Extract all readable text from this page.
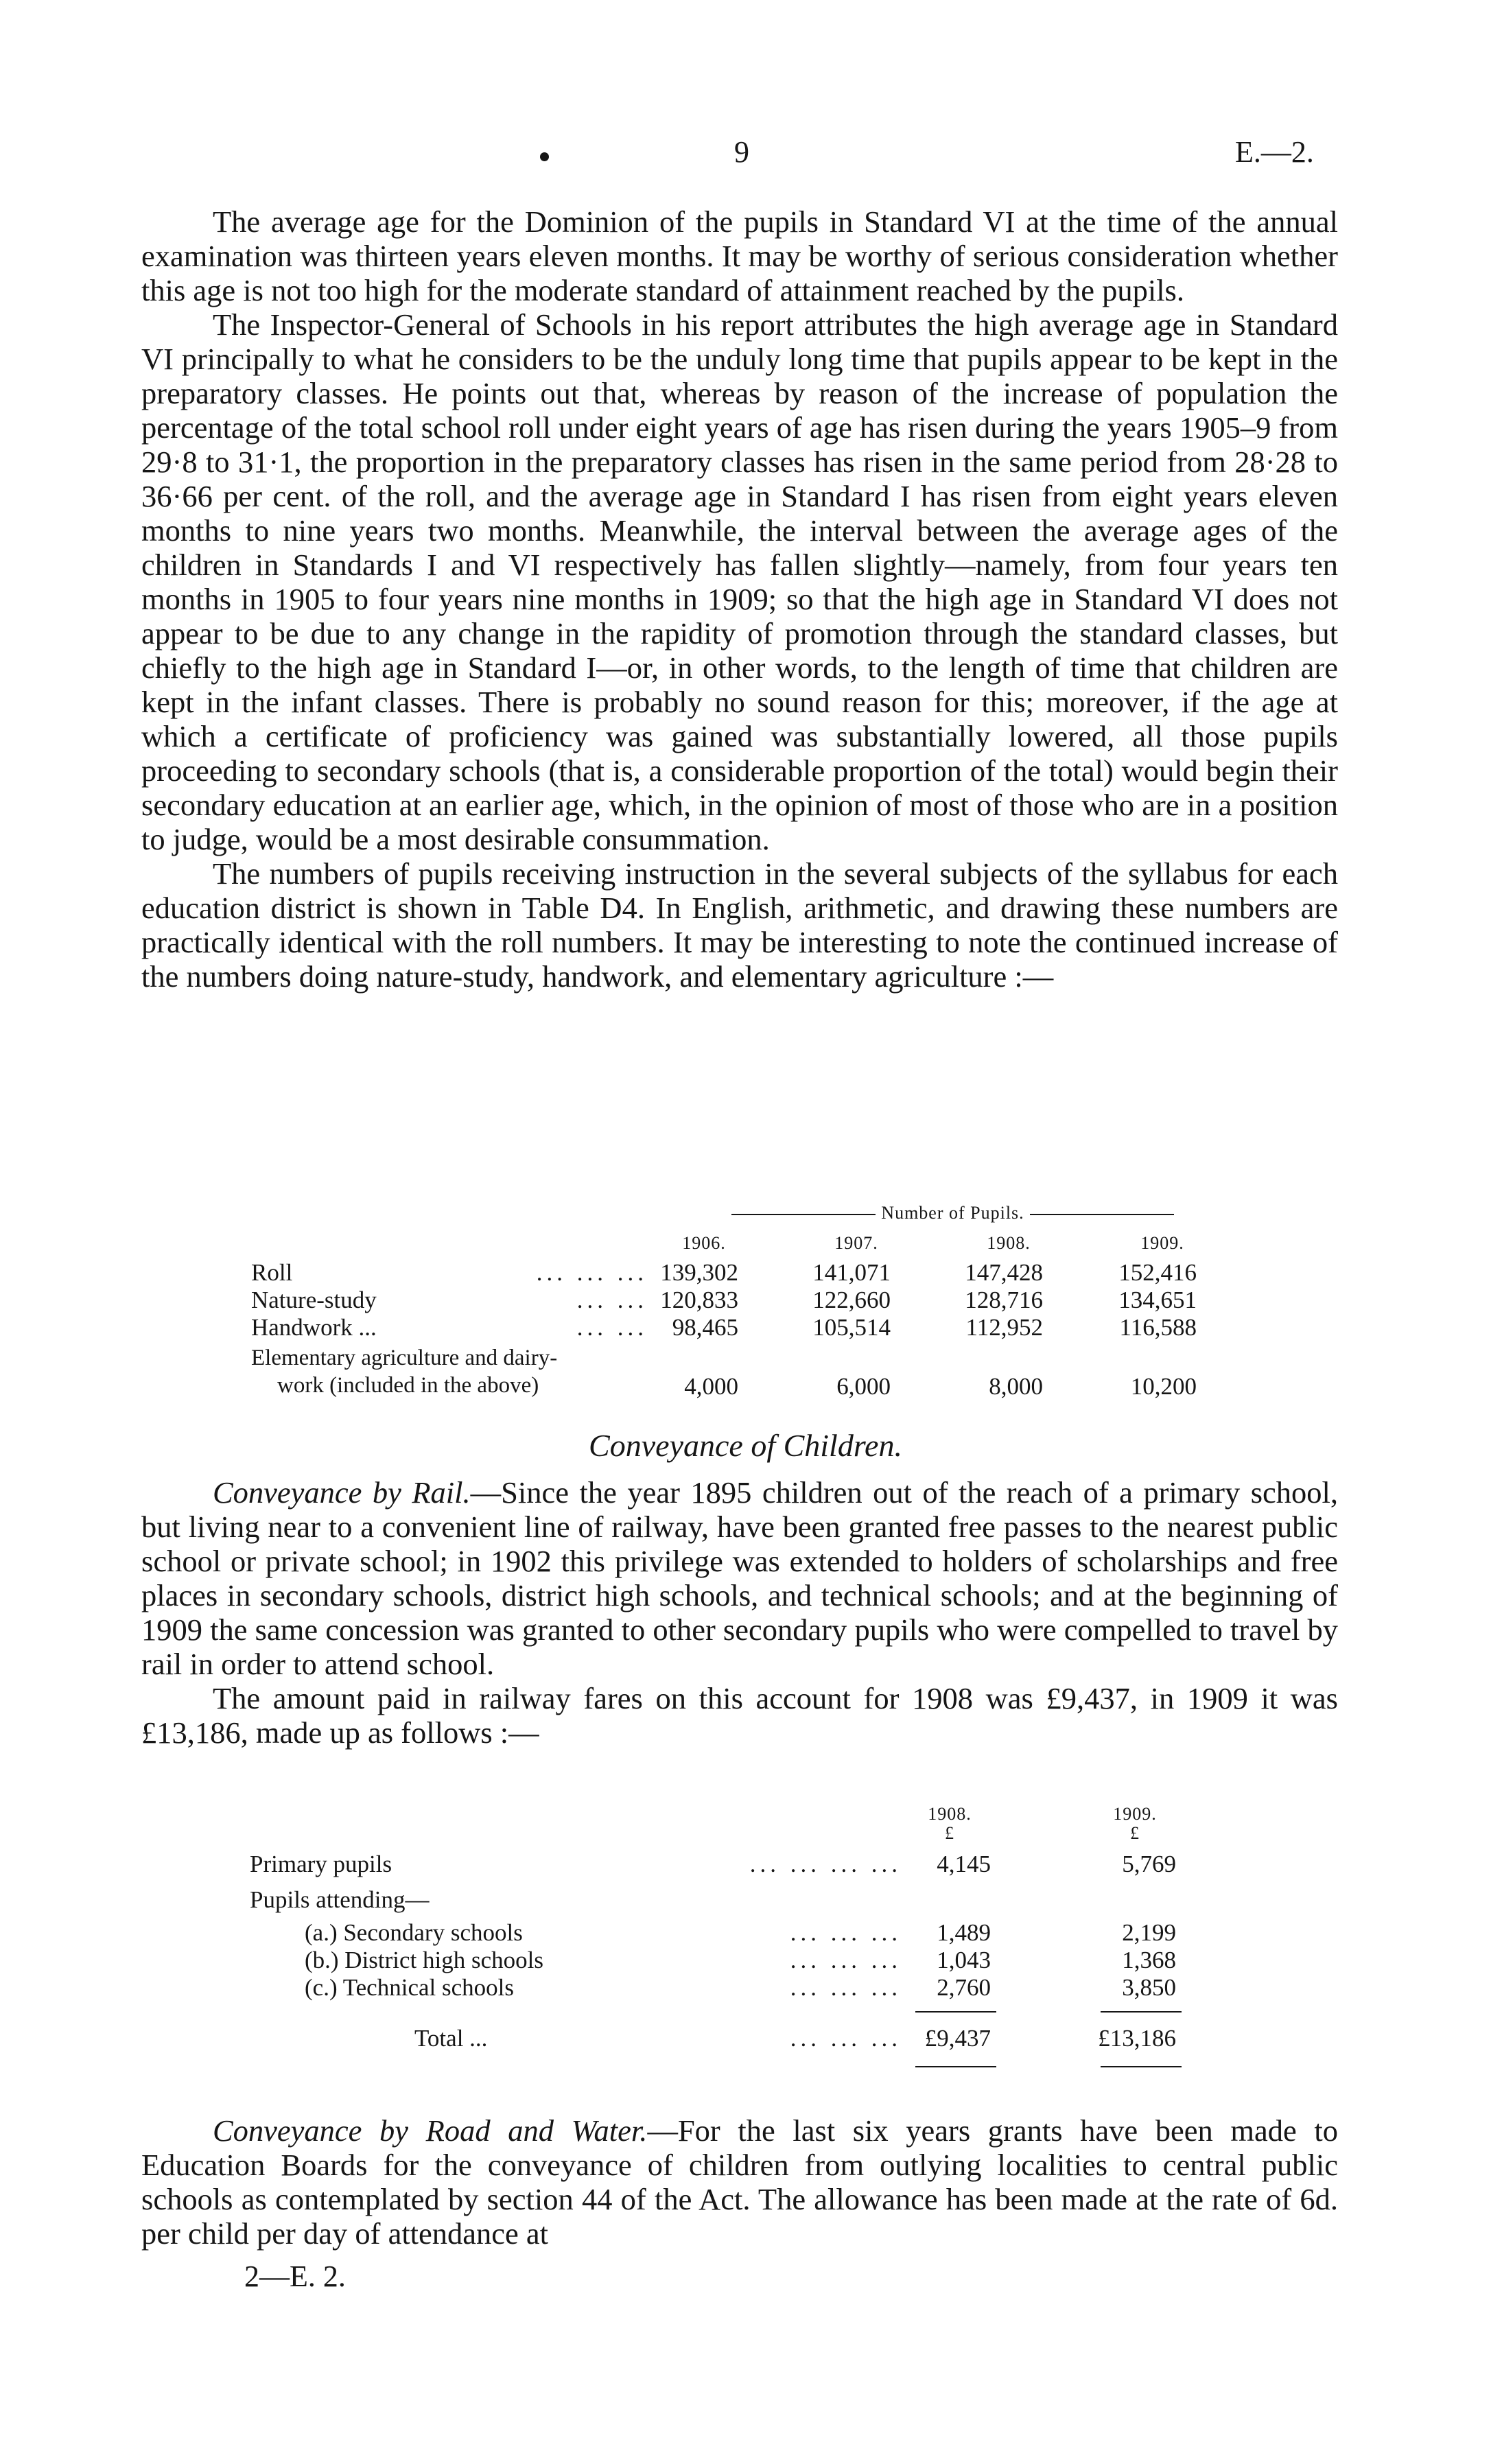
9	E.—2.

The average age for the Dominion of the pupils in Standard VI at the time of the annual examination was thirteen years eleven months. It may be worthy of serious consideration whether this age is not too high for the moderate standard of attainment reached by the pupils.

The Inspector-General of Schools in his report attributes the high average age in Standard VI principally to what he considers to be the unduly long time that pupils appear to be kept in the preparatory classes. He points out that, whereas by reason of the increase of population the percentage of the total school roll under eight years of age has risen during the years 1905–9 from 29·8 to 31·1, the proportion in the preparatory classes has risen in the same period from 28·28 to 36·66 per cent. of the roll, and the average age in Standard I has risen from eight years eleven months to nine years two months. Meanwhile, the interval between the average ages of the children in Standards I and VI respectively has fallen slightly—namely, from four years ten months in 1905 to four years nine months in 1909; so that the high age in Standard VI does not appear to be due to any change in the rapidity of promotion through the standard classes, but chiefly to the high age in Standard I—or, in other words, to the length of time that children are kept in the infant classes. There is probably no sound reason for this; moreover, if the age at which a certificate of proficiency was gained was substantially lowered, all those pupils proceeding to secondary schools (that is, a considerable proportion of the total) would begin their secondary education at an earlier age, which, in the opinion of most of those who are in a position to judge, would be a most desirable consummation.

The numbers of pupils receiving instruction in the several subjects of the syllabus for each education district is shown in Table D4. In English, arithmetic, and drawing these numbers are practically identical with the roll numbers. It may be interesting to note the continued increase of the numbers doing nature-study, handwork, and elementary agriculture :—

Number of Pupils.
1906.	1907.	1908.	1909.
Roll	... ... ... 139,302	141,071	147,428	152,416
Nature-study	... ... 120,833	122,660	128,716	134,651
Handwork ...	... ...	98,465	105,514	112,952	116,588
Elementary agriculture and dairy-
work (included in the above)	4,000	6,000	8,000	10,200
Conveyance of Children.

Conveyance by Rail.—Since the year 1895 children out of the reach of a primary school, but living near to a convenient line of railway, have been granted free passes to the nearest public school or private school; in 1902 this privilege was extended to holders of scholarships and free places in secondary schools, district high schools, and technical schools; and at the beginning of 1909 the same concession was granted to other secondary pupils who were compelled to travel by rail in order to attend school.

The amount paid in railway fares on this account for 1908 was £9,437, in 1909 it was £13,186, made up as follows :—

1908.	1909.
£	£
Primary pupils	... ... ... ...	4,145	5,769
Pupils attending—
(a.) Secondary schools	... ... ...	1,489	2,199
(b.) District high schools	... ... ...	1,043	1,368
(c.) Technical schools	... ... ...	2,760	3,850
Total ...	... ... ... £9,437	£13,186

Conveyance by Road and Water.—For the last six years grants have been made to Education Boards for the conveyance of children from outlying localities to central public schools as contemplated by section 44 of the Act. The allowance has been made at the rate of 6d. per child per day of attendance at

2—E. 2.
